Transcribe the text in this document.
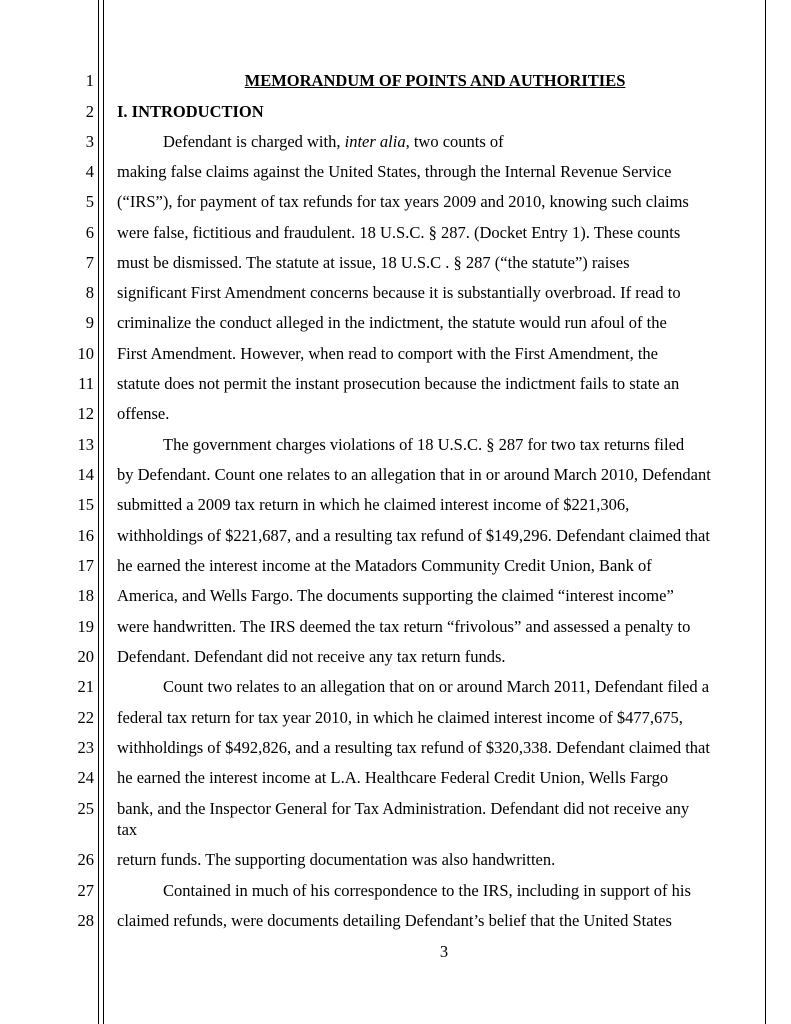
1
2
3
4
5
6
7
8
9
10
11
12
13
14
15
16
17
18
19
20
21
22
23
24
25
26
27
28
MEMORANDUM OF POINTS AND AUTHORITIES
I. INTRODUCTION
Defendant is charged with, inter alia, two counts of
making false claims against the United States, through the Internal Revenue Service
(“IRS”), for payment of tax refunds for tax years 2009 and 2010, knowing such claims
were false, fictitious and fraudulent. 18 U.S.C. § 287. (Docket Entry 1). These counts
must be dismissed. The statute at issue, 18 U.S.C . § 287 (“the statute”) raises
significant First Amendment concerns because it is substantially overbroad. If read to
criminalize the conduct alleged in the indictment, the statute would run afoul of the
First Amendment. However, when read to comport with the First Amendment, the
statute does not permit the instant prosecution because the indictment fails to state an
offense.
The government charges violations of 18 U.S.C. § 287 for two tax returns filed
by Defendant. Count one relates to an allegation that in or around March 2010, Defendant
submitted a 2009 tax return in which he claimed interest income of $221,306,
withholdings of $221,687, and a resulting tax refund of $149,296. Defendant claimed that
he earned the interest income at the Matadors Community Credit Union, Bank of
America, and Wells Fargo. The documents supporting the claimed “interest income”
were handwritten. The IRS deemed the tax return “frivolous” and assessed a penalty to
Defendant. Defendant did not receive any tax return funds.
Count two relates to an allegation that on or around March 2011, Defendant filed a
federal tax return for tax year 2010, in which he claimed interest income of $477,675,
withholdings of $492,826, and a resulting tax refund of $320,338. Defendant claimed that
he earned the interest income at L.A. Healthcare Federal Credit Union, Wells Fargo
bank, and the Inspector General for Tax Administration. Defendant did not receive any
tax
return funds. The supporting documentation was also handwritten.
Contained in much of his correspondence to the IRS, including in support of his
claimed refunds, were documents detailing Defendant’s belief that the United States
3
